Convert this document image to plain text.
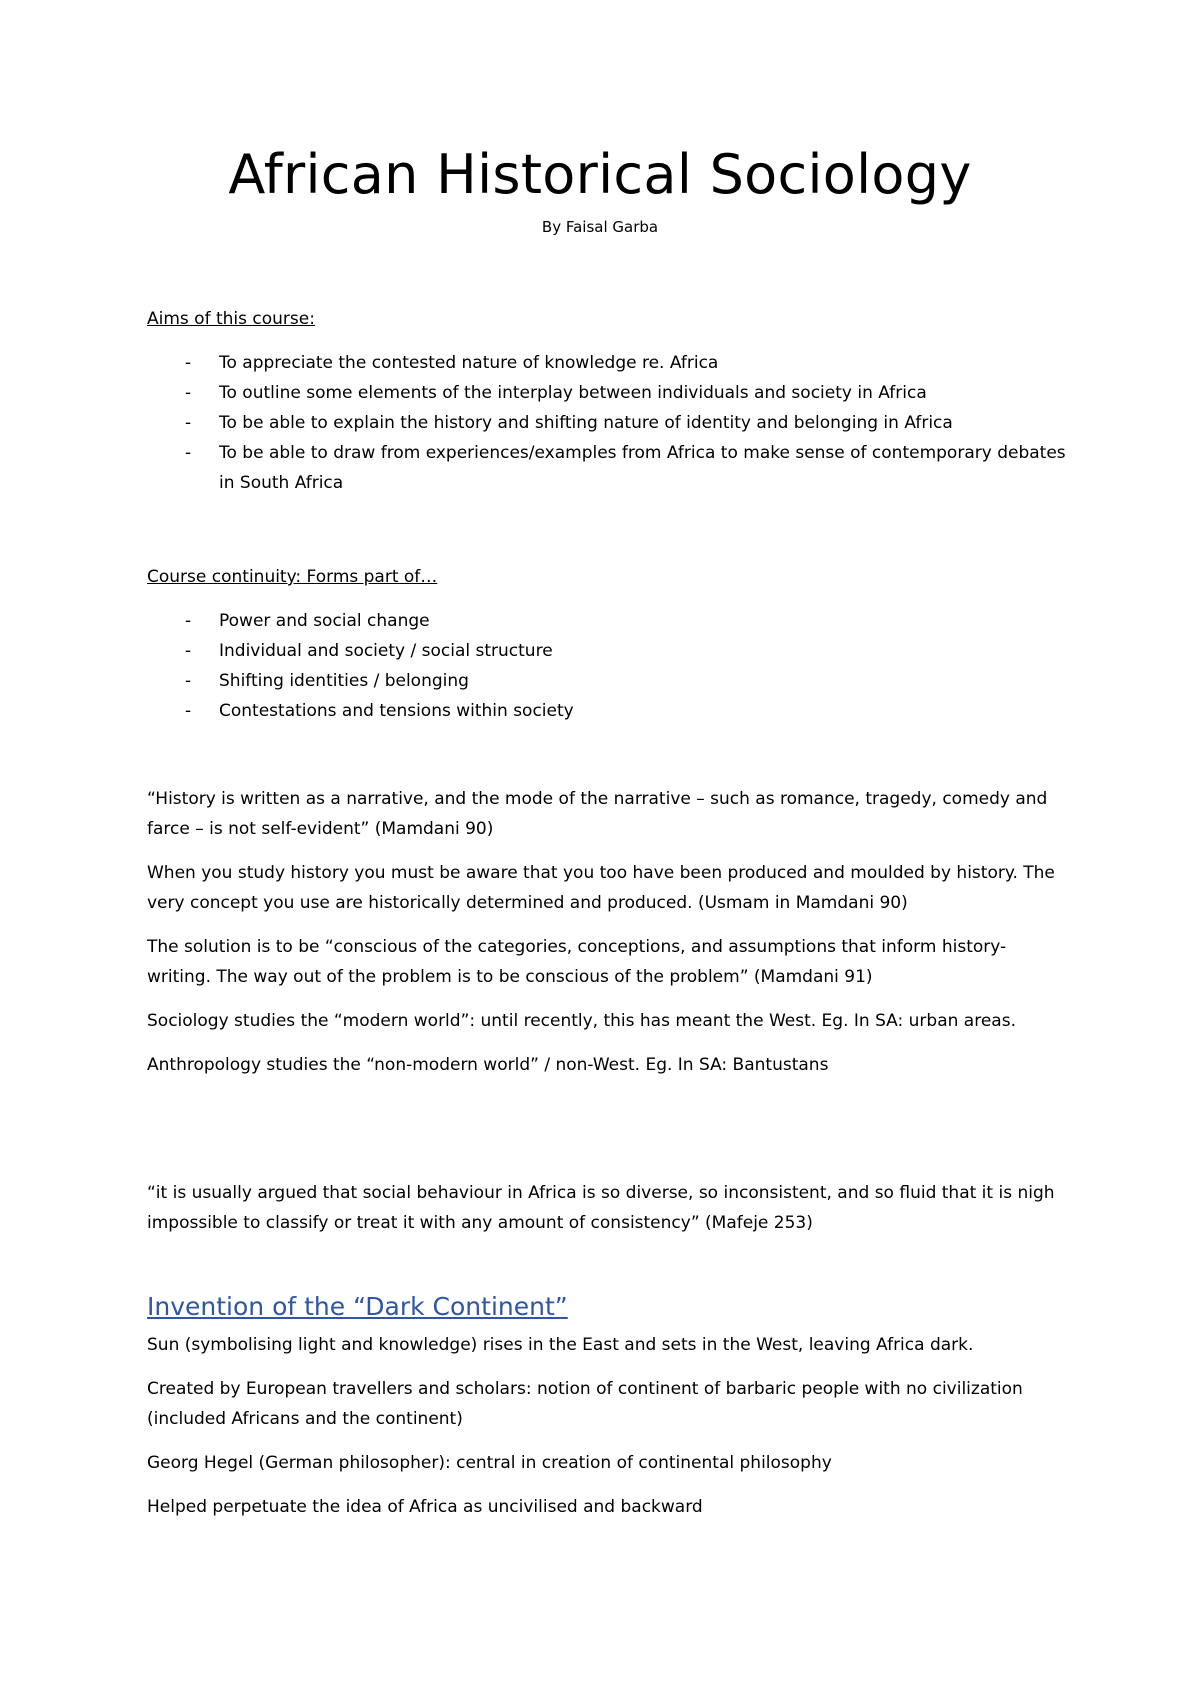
African Historical Sociology
By Faisal Garba
Aims of this course:
- To appreciate the contested nature of knowledge re. Africa
- To outline some elements of the interplay between individuals and society in Africa
- To be able to explain the history and shifting nature of identity and belonging in Africa
- To be able to draw from experiences/examples from Africa to make sense of contemporary debates in South Africa
Course continuity: Forms part of…
- Power and social change
- Individual and society / social structure
- Shifting identities / belonging
- Contestations and tensions within society

“History is written as a narrative, and the mode of the narrative – such as romance, tragedy, comedy and farce – is not self-evident” (Mamdani 90)

When you study history you must be aware that you too have been produced and moulded by history. The very concept you use are historically determined and produced. (Usmam in Mamdani 90)

The solution is to be “conscious of the categories, conceptions, and assumptions that inform history-writing. The way out of the problem is to be conscious of the problem” (Mamdani 91)

Sociology studies the “modern world”: until recently, this has meant the West. Eg. In SA: urban areas.

Anthropology studies the “non-modern world” / non-West. Eg. In SA: Bantustans

“it is usually argued that social behaviour in Africa is so diverse, so inconsistent, and so fluid that it is nigh impossible to classify or treat it with any amount of consistency” (Mafeje 253)

Invention of the “Dark Continent”

Sun (symbolising light and knowledge) rises in the East and sets in the West, leaving Africa dark.

Created by European travellers and scholars: notion of continent of barbaric people with no civilization (included Africans and the continent)

Georg Hegel (German philosopher): central in creation of continental philosophy

Helped perpetuate the idea of Africa as uncivilised and backward
